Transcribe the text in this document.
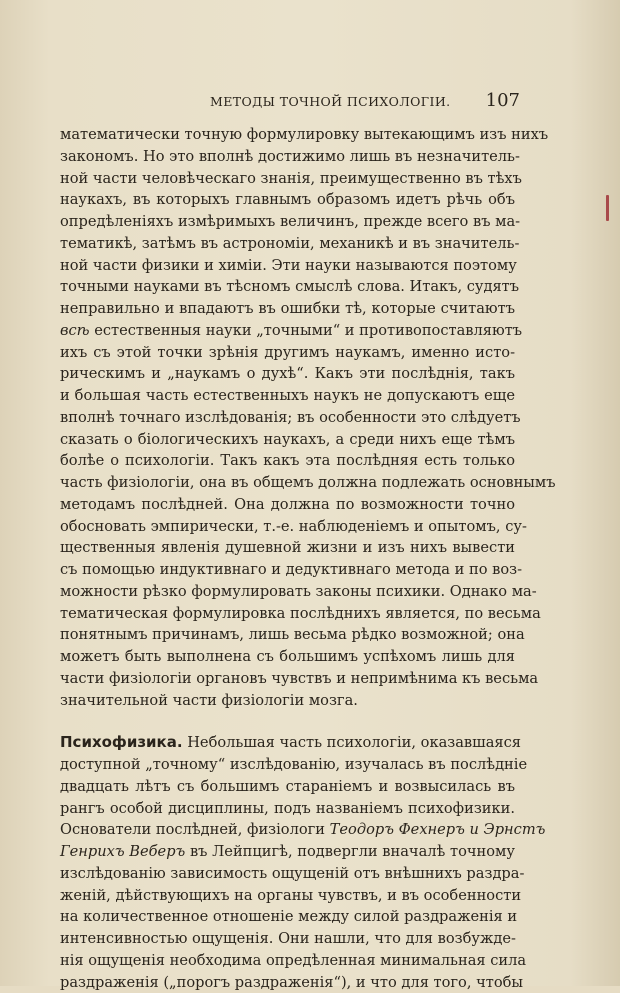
МЕТОДЫ ТОЧНОЙ ПСИХОЛОГІИ. 107
математически точную формулировку вытекающимъ изъ нихъ
закономъ. Но это вполнѣ достижимо лишь въ незначитель-
ной части человѣческаго знанія, преимущественно въ тѣхъ
наукахъ, въ которыхъ главнымъ образомъ идетъ рѣчь объ
опредѣленіяхъ измѣримыхъ величинъ, прежде всего въ ма-
тематикѣ, затѣмъ въ астрономіи, механикѣ и въ значитель-
ной части физики и химіи. Эти науки называются поэтому
точными науками въ тѣсномъ смыслѣ слова. Итакъ, судятъ
неправильно и впадаютъ въ ошибки тѣ, которые считаютъ
всѣ естественныя науки „точными“ и противопоставляютъ
ихъ съ этой точки зрѣнія другимъ наукамъ, именно исто-
рическимъ и „наукамъ о духѣ“. Какъ эти послѣднія, такъ
и большая часть естественныхъ наукъ не допускаютъ еще
вполнѣ точнаго изслѣдованія; въ особенности это слѣдуетъ
сказать о біологическихъ наукахъ, а среди нихъ еще тѣмъ
болѣе о психологіи. Такъ какъ эта послѣдняя есть только
часть физіологіи, она въ общемъ должна подлежать основнымъ
методамъ послѣдней. Она должна по возможности точно
обосновать эмпирически, т.-е. наблюденіемъ и опытомъ, су-
щественныя явленія душевной жизни и изъ нихъ вывести
съ помощью индуктивнаго и дедуктивнаго метода и по воз-
можности рѣзко формулировать законы психики. Однако ма-
тематическая формулировка послѣднихъ является, по весьма
понятнымъ причинамъ, лишь весьма рѣдко возможной; она
можетъ быть выполнена съ большимъ успѣхомъ лишь для
части физіологіи органовъ чувствъ и непримѣнима къ весьма
значительной части физіологіи мозга.
Психофизика. Небольшая часть психологіи, оказавшаяся
доступной „точному“ изслѣдованію, изучалась въ послѣдніе
двадцать лѣтъ съ большимъ стараніемъ и возвысилась въ
рангъ особой дисциплины, подъ названіемъ психофизики.
Основатели послѣдней, физіологи Теодоръ Фехнеръ и Эрнстъ
Генрихъ Веберъ въ Лейпцигѣ, подвергли вначалѣ точному
изслѣдованію зависимость ощущеній отъ внѣшнихъ раздра-
женій, дѣйствующихъ на органы чувствъ, и въ особенности
на количественное отношеніе между силой раздраженія и
интенсивностью ощущенія. Они нашли, что для возбужде-
нія ощущенія необходима опредѣленная минимальная сила
раздраженія („порогъ раздраженія“), и что для того, чтобы
